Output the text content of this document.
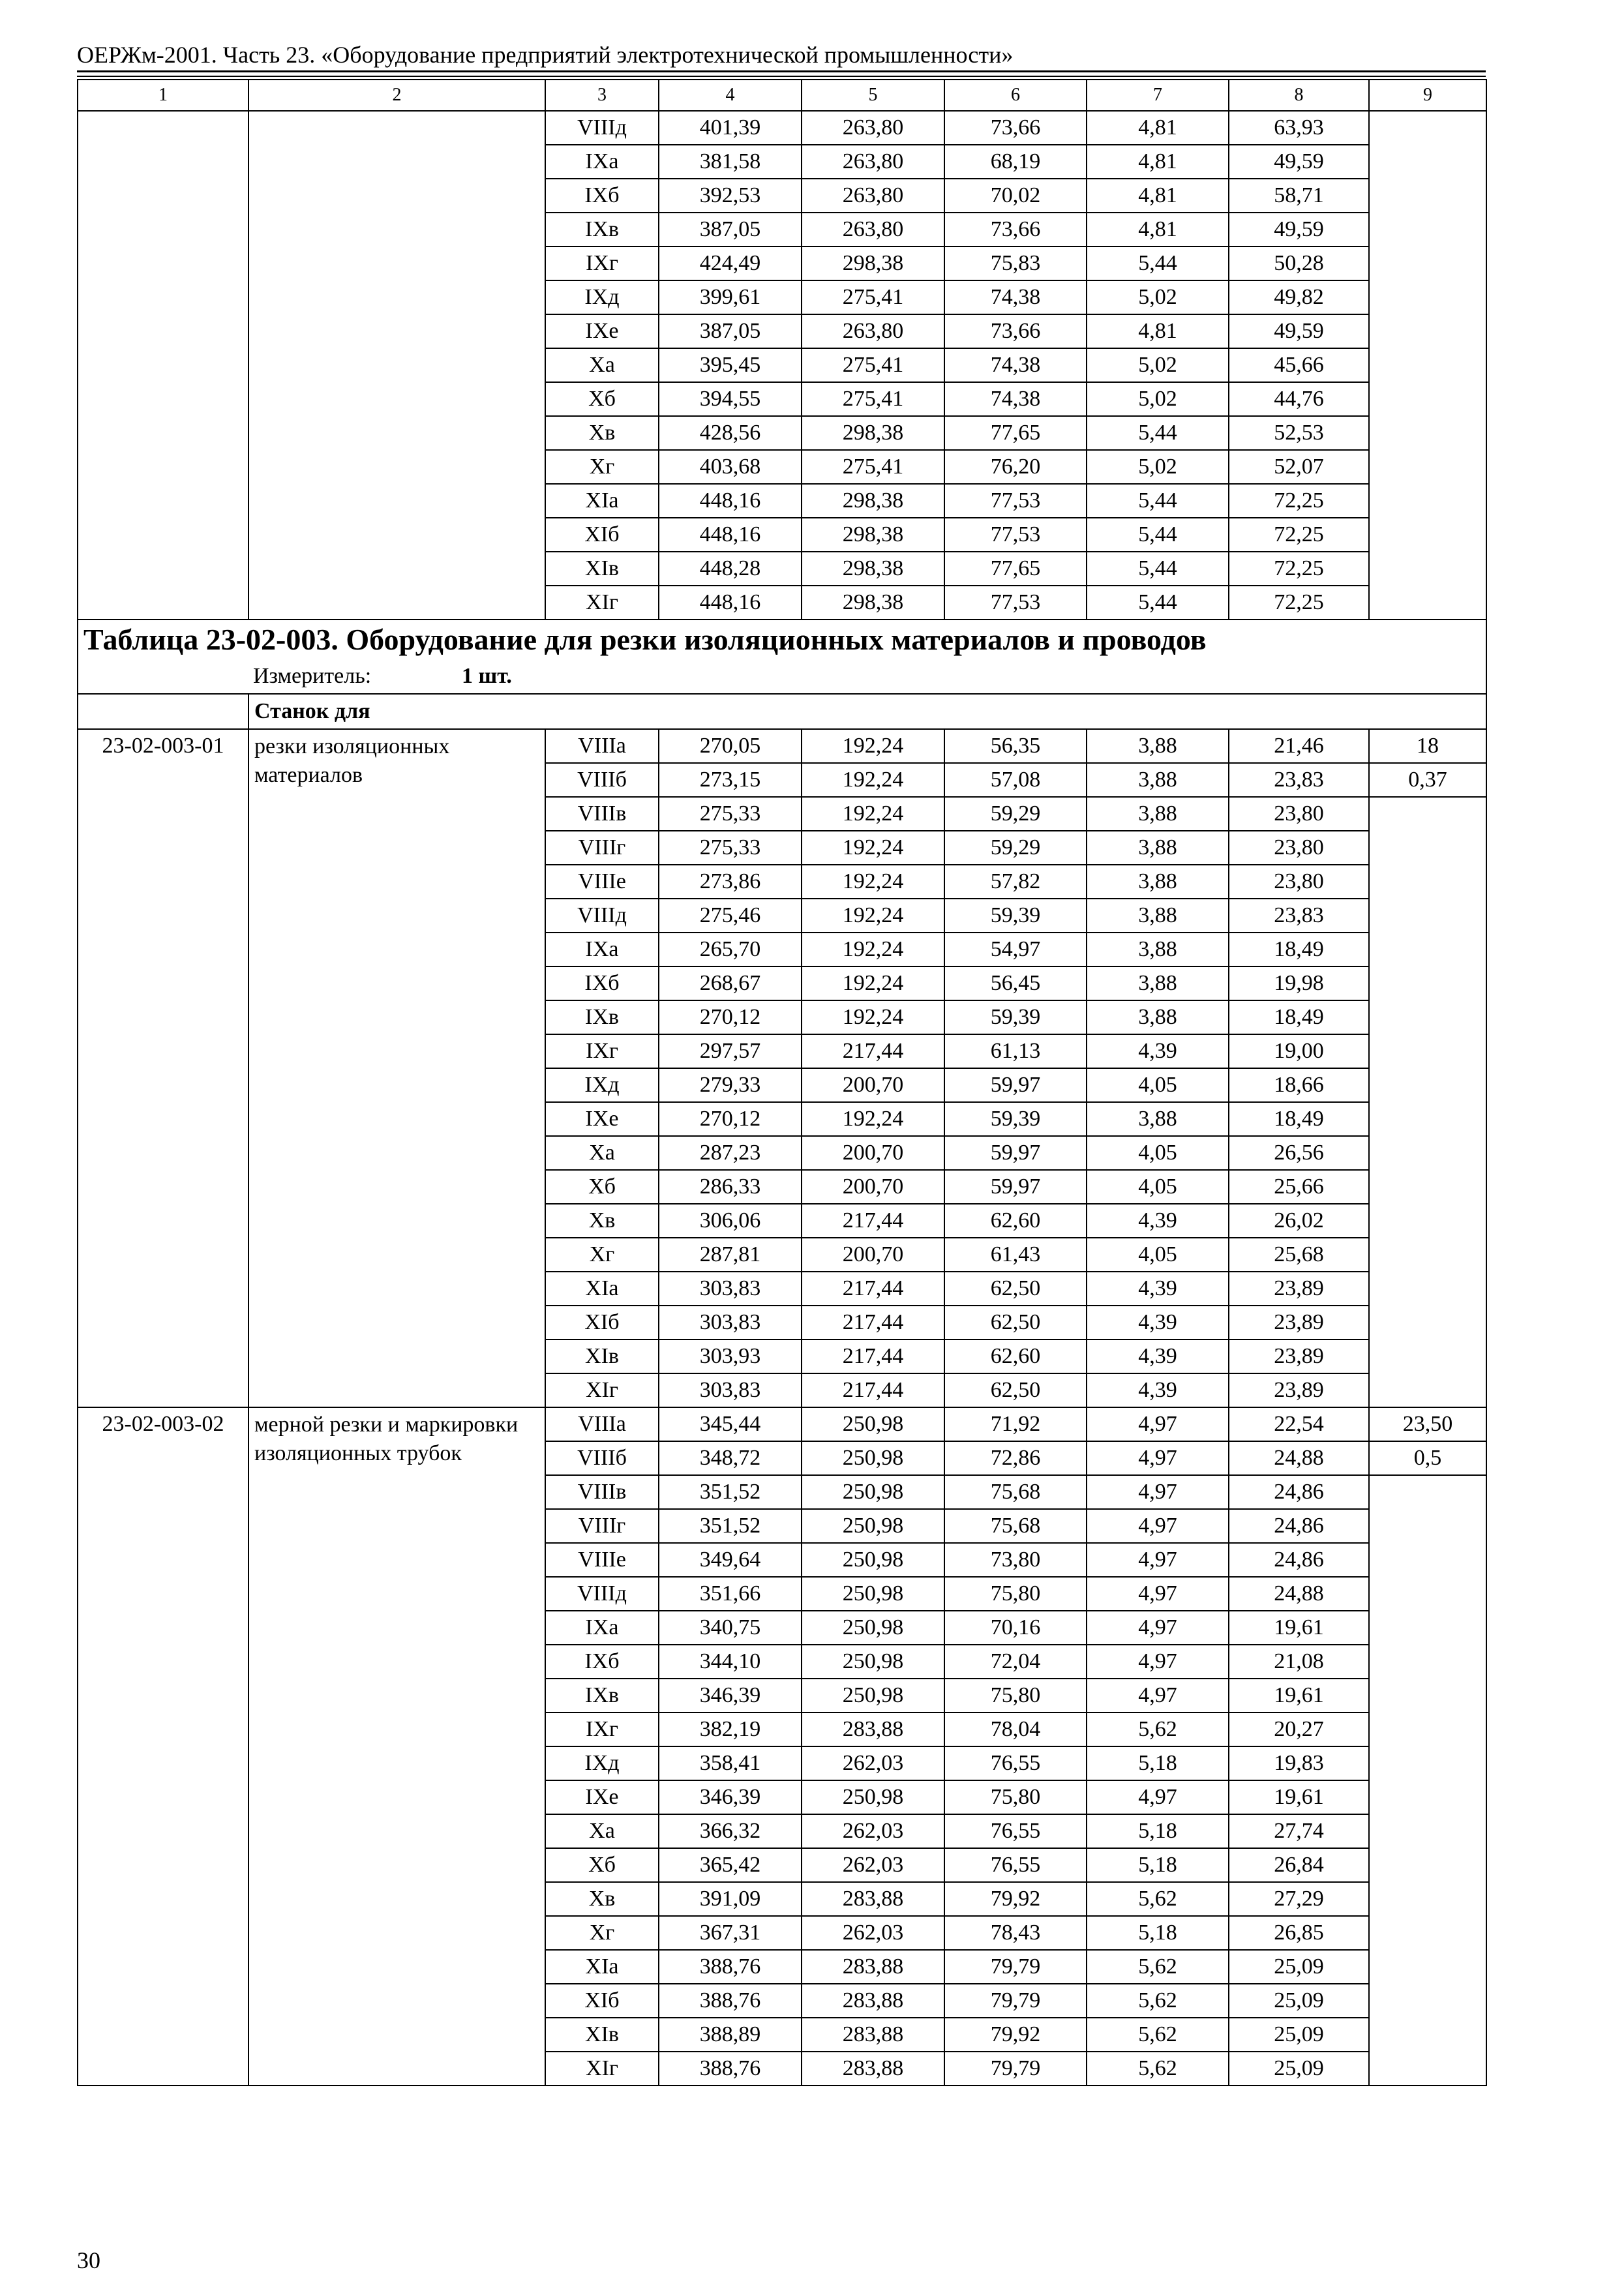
ОЕРЖм-2001. Часть 23. «Оборудование предприятий электротехнической промышленности»
1	2	3	4	5	6	7	8	9
		VIIIд	401,39	263,80	73,66	4,81	63,93	
		IXа	381,58	263,80	68,19	4,81	49,59	
		IXб	392,53	263,80	70,02	4,81	58,71	
		IXв	387,05	263,80	73,66	4,81	49,59	
		IXг	424,49	298,38	75,83	5,44	50,28	
		IXд	399,61	275,41	74,38	5,02	49,82	
		IXе	387,05	263,80	73,66	4,81	49,59	
		Xа	395,45	275,41	74,38	5,02	45,66	
		Xб	394,55	275,41	74,38	5,02	44,76	
		Xв	428,56	298,38	77,65	5,44	52,53	
		Xг	403,68	275,41	76,20	5,02	52,07	
		XIа	448,16	298,38	77,53	5,44	72,25	
		XIб	448,16	298,38	77,53	5,44	72,25	
		XIв	448,28	298,38	77,65	5,44	72,25	
		XIг	448,16	298,38	77,53	5,44	72,25	
Таблица 23-02-003. Оборудование для резки изоляционных материалов и проводов								
Измеритель: 1 шт.								
	Станок для							
23-02-003-01	резки изоляционных материалов	VIIIа	270,05	192,24	56,35	3,88	21,46	18
		VIIIб	273,15	192,24	57,08	3,88	23,83	0,37
		VIIIв	275,33	192,24	59,29	3,88	23,80	
		VIIIг	275,33	192,24	59,29	3,88	23,80	
		VIIIе	273,86	192,24	57,82	3,88	23,80	
		VIIIд	275,46	192,24	59,39	3,88	23,83	
		IXа	265,70	192,24	54,97	3,88	18,49	
		IXб	268,67	192,24	56,45	3,88	19,98	
		IXв	270,12	192,24	59,39	3,88	18,49	
		IXг	297,57	217,44	61,13	4,39	19,00	
		IXд	279,33	200,70	59,97	4,05	18,66	
		IXе	270,12	192,24	59,39	3,88	18,49	
		Xа	287,23	200,70	59,97	4,05	26,56	
		Xб	286,33	200,70	59,97	4,05	25,66	
		Xв	306,06	217,44	62,60	4,39	26,02	
		Xг	287,81	200,70	61,43	4,05	25,68	
		XIа	303,83	217,44	62,50	4,39	23,89	
		XIб	303,83	217,44	62,50	4,39	23,89	
		XIв	303,93	217,44	62,60	4,39	23,89	
		XIг	303,83	217,44	62,50	4,39	23,89	
23-02-003-02	мерной резки и маркировки изоляционных трубок	VIIIа	345,44	250,98	71,92	4,97	22,54	23,50
		VIIIб	348,72	250,98	72,86	4,97	24,88	0,5
		VIIIв	351,52	250,98	75,68	4,97	24,86	
		VIIIг	351,52	250,98	75,68	4,97	24,86	
		VIIIе	349,64	250,98	73,80	4,97	24,86	
		VIIIд	351,66	250,98	75,80	4,97	24,88	
		IXа	340,75	250,98	70,16	4,97	19,61	
		IXб	344,10	250,98	72,04	4,97	21,08	
		IXв	346,39	250,98	75,80	4,97	19,61	
		IXг	382,19	283,88	78,04	5,62	20,27	
		IXд	358,41	262,03	76,55	5,18	19,83	
		IXе	346,39	250,98	75,80	4,97	19,61	
		Xа	366,32	262,03	76,55	5,18	27,74	
		Xб	365,42	262,03	76,55	5,18	26,84	
		Xв	391,09	283,88	79,92	5,62	27,29	
		Xг	367,31	262,03	78,43	5,18	26,85	
		XIа	388,76	283,88	79,79	5,62	25,09	
		XIб	388,76	283,88	79,79	5,62	25,09	
		XIв	388,89	283,88	79,92	5,62	25,09	
		XIг	388,76	283,88	79,79	5,62	25,09	
30
